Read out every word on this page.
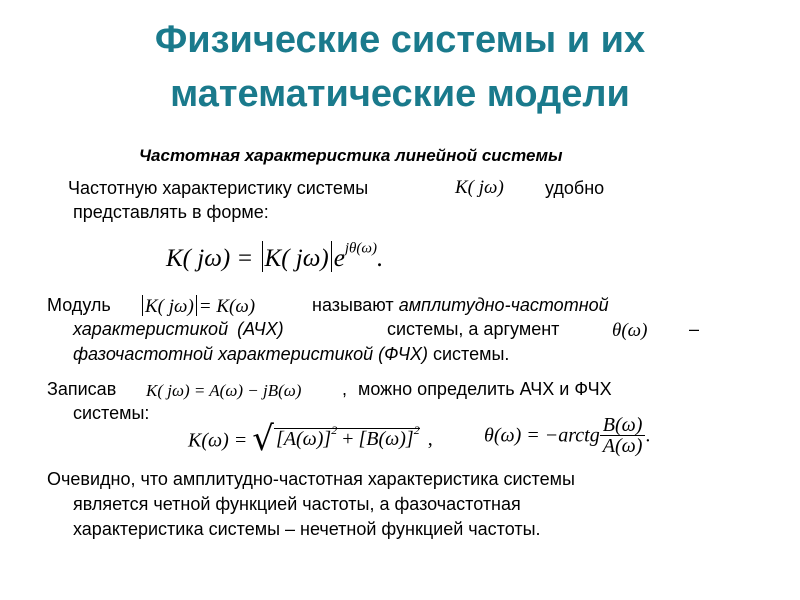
Физические системы и их
математические модели
Частотная характеристика линейной системы
Частотную характеристику системы	K( jω) удобно
представлять в форме:
K( jω) = K( jω) $e^{j\theta(\omega)}$.
Модуль K( jω) = K(ω)	называют амплитудно-частотной
характеристикой (АЧХ)	системы, а аргумент	θ(ω) –
фазочастотной характеристикой (ФЧХ) системы.
Записав K( jω) = A(ω) − jB(ω) , можно определить АЧХ и ФЧХ
системы:
K(ω) = √ $[A(\omega)]^2 + [B(\omega)]^2$ ,	θ(ω) = −arctg $\frac{B(\omega)}{A(\omega)}$ .
Очевидно, что амплитудно-частотная характеристика системы
является четной функцией частоты, а фазочастотная
характеристика системы – нечетной функцией частоты.
